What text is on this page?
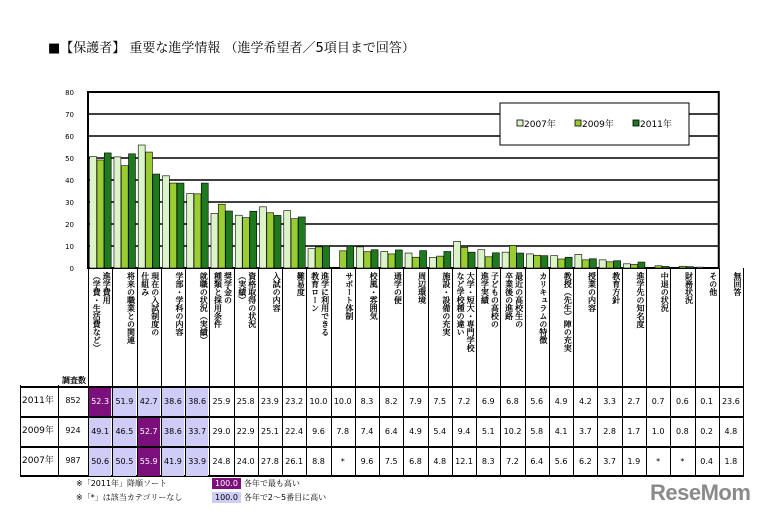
■【保護者】 重要な進学情報 （進学希望者／5項目まで回答）
0
10
20
30
40
50
60
70
80
2007年	2009年	2011年
※「2011年」降順ソート
※「*」は該当カテゴリーなし
100.0 各年で最も高い
100.0 各年で2～5番目に高い	ReseMom
進学費用
（学費・生活費など）	将来の職業との関連	現在の入試制度の
仕組み	学部・学科の内容	就職の状況（実績）	奨学金の
種類と採用条件	資格取得の状況
（実績）	入試の内容	難易度	進学に利用できる
教育ローン	サポート体制	校風・雰囲気	通学の便	周辺環境	施設・設備の充実	大学・短大・専門学校
など学校種の違い	子どもの高校の
進学実績	最近の高校生の
卒業後の進路	カリキュラムの特徴	教授（先生）陣の充実	授業の内容	教育方針	進学先の知名度	中退の状況	財務状況	その他	無回答
調査数
2011年	852	52.3 51.9 42.7 38.6 38.6 25.9 25.8 23.9 23.2 10.0 10.0	8.3	8.2	7.9	7.5	7.2	6.9	6.8	5.6	4.9	4.2	3.3	2.7	0.7	0.6	0.1	23.6
2009年	924	49.1 46.5 52.7 38.6 33.7 29.0 22.9 25.1 22.4	9.6	7.8	7.4	6.4	4.9	5.4	9.4	5.1	10.2	5.8	4.1	3.7	2.8	1.7	1.0	0.8	0.2	4.8
2007年	987	50.6 50.5 55.9 41.9 33.9 24.8 24.0 27.8 26.1	8.8	*	9.6	7.5	6.8	4.8	12.1	8.3	7.2	6.4	5.6	6.2	3.7	1.9	*	*	0.4	1.8
